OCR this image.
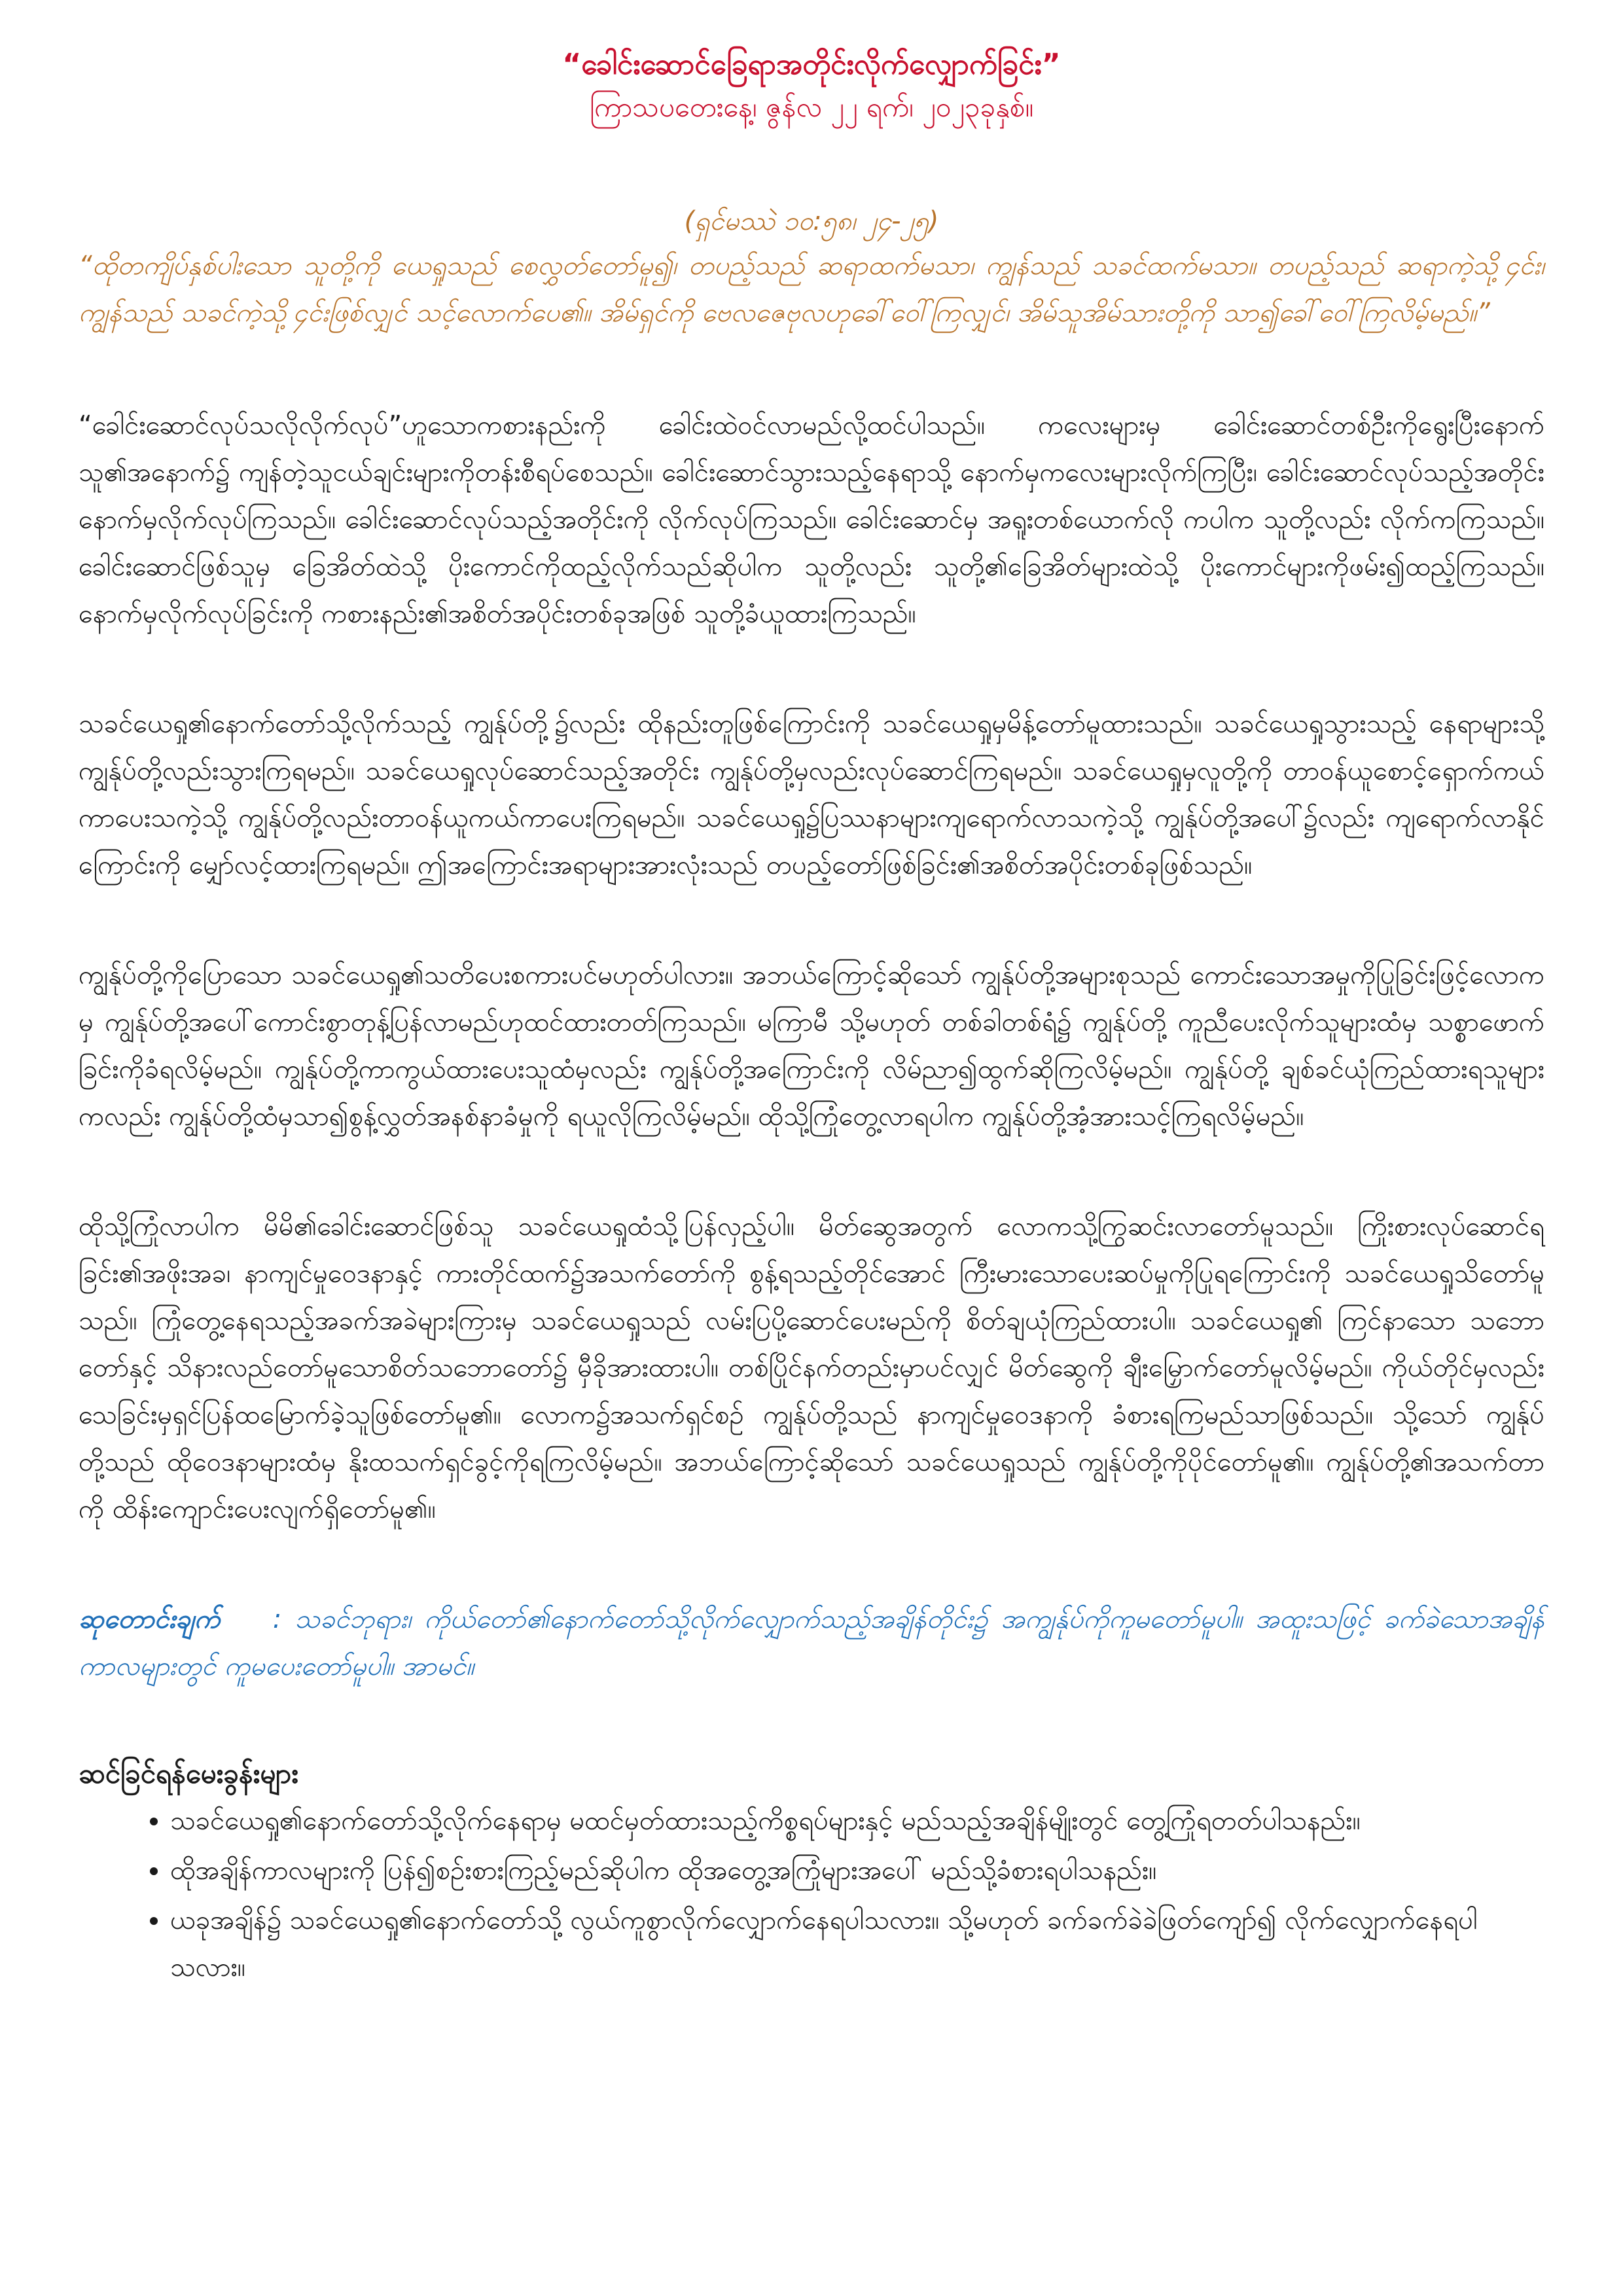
“ခေါင်းဆောင်ခြေရာအတိုင်းလိုက်လျှောက်ခြင်း”

ကြာသပတေးနေ့၊ ဇွန်လ ၂၂ ရက်၊ ၂၀၂၃ခုနှစ်။

(ရှင်မဿဲ ၁၀:၅၈၊ ၂၄-၂၅)

“ထိုတကျိပ်နှစ်ပါးသော သူတို့ကို ယေရှုသည် စေလွှတ်တော်မူ၍၊ တပည့်သည် ဆရာထက်မသာ၊ ကျွန်သည် သခင်ထက်မသာ။ တပည့်သည် ဆရာကဲ့သို့၄င်း၊ ကျွန်သည် သခင်ကဲ့သို့၄င်းဖြစ်လျှင် သင့်လောက်ပေ၏။ အိမ်ရှင်ကို ဗေလဇေဗုလဟုခေါ်ဝေါ်ကြလျှင်၊ အိမ်သူအိမ်သားတို့ကို သာ၍ခေါ်ဝေါ်ကြလိမ့်မည်။”

“ခေါင်းဆောင်လုပ်သလိုလိုက်လုပ်”ဟူသောကစားနည်းကို ခေါင်းထဲဝင်လာမည်လို့ထင်ပါသည်။ ကလေးများမှ ခေါင်းဆောင်တစ်ဦးကိုရွေးပြီးနောက် သူ၏အနောက်၌ ကျန်တဲ့သူငယ်ချင်းများကိုတန်းစီရပ်စေသည်။ ခေါင်းဆောင်သွားသည့်နေရာသို့ နောက်မှကလေးများလိုက်ကြပြီး၊ ခေါင်းဆောင်လုပ်သည့်အတိုင်း နောက်မှလိုက်လုပ်ကြသည်။ ခေါင်းဆောင်လုပ်သည့်အတိုင်းကို လိုက်လုပ်ကြသည်။ ခေါင်းဆောင်မှ အရူးတစ်ယောက်လို ကပါက သူတို့လည်း လိုက်ကကြသည်။ ခေါင်းဆောင်ဖြစ်သူမှ ခြေအိတ်ထဲသို့ ပိုးကောင်ကိုထည့်လိုက်သည်ဆိုပါက သူတို့လည်း သူတို့၏ခြေအိတ်များထဲသို့ ပိုးကောင်များကိုဖမ်း၍ထည့်ကြသည်။ နောက်မှလိုက်လုပ်ခြင်းကို ကစားနည်း၏အစိတ်အပိုင်းတစ်ခုအဖြစ် သူတို့ခံယူထားကြသည်။

သခင်ယေရှု၏နောက်တော်သို့လိုက်သည့် ကျွန်ုပ်တို့၌လည်း ထိုနည်းတူဖြစ်ကြောင်းကို သခင်ယေရှုမှမိန့်တော်မူထားသည်။ သခင်ယေရှုသွားသည့် နေရာများသို့ ကျွန်ုပ်တို့လည်းသွားကြရမည်။ သခင်ယေရှုလုပ်ဆောင်သည့်အတိုင်း ကျွန်ုပ်တို့မှလည်းလုပ်ဆောင်ကြရမည်။ သခင်ယေရှုမှလူတို့ကို တာဝန်ယူစောင့်ရှောက်ကယ်ကာပေးသကဲ့သို့ ကျွန်ုပ်တို့လည်းတာဝန်ယူကယ်ကာပေးကြရမည်။ သခင်ယေရှု၌ပြဿနာများကျရောက်လာသကဲ့သို့ ကျွန်ုပ်တို့အပေါ်၌လည်း ကျရောက်လာနိုင်ကြောင်းကို မျှော်လင့်ထားကြရမည်။ ဤအကြောင်းအရာများအားလုံးသည် တပည့်တော်ဖြစ်ခြင်း၏အစိတ်အပိုင်းတစ်ခုဖြစ်သည်။

ကျွန်ုပ်တို့ကိုပြောသော သခင်ယေရှု၏သတိပေးစကားပင်မဟုတ်ပါလား။ အဘယ်ကြောင့်ဆိုသော် ကျွန်ုပ်တို့အများစုသည် ကောင်းသောအမှုကိုပြုခြင်းဖြင့်လောကမှ ကျွန်ုပ်တို့အပေါ်ကောင်းစွာတုန့်ပြန်လာမည်ဟုထင်ထားတတ်ကြသည်။ မကြာမီ သို့မဟုတ် တစ်ခါတစ်ရံ၌ ကျွန်ုပ်တို့ ကူညီပေးလိုက်သူများထံမှ သစ္စာဖောက်ခြင်းကိုခံရလိမ့်မည်။ ကျွန်ုပ်တို့ကာကွယ်ထားပေးသူထံမှလည်း ကျွန်ုပ်တို့အကြောင်းကို လိမ်ညာ၍ထွက်ဆိုကြလိမ့်မည်။ ကျွန်ုပ်တို့ ချစ်ခင်ယုံကြည်ထားရသူများကလည်း ကျွန်ုပ်တို့ထံမှသာ၍စွန့်လွှတ်အနစ်နာခံမှုကို ရယူလိုကြလိမ့်မည်။ ထိုသို့ကြုံတွေ့လာရပါက ကျွန်ုပ်တို့အံ့အားသင့်ကြရလိမ့်မည်။

ထိုသို့ကြုံလာပါက မိမိ၏ခေါင်းဆောင်ဖြစ်သူ သခင်ယေရှုထံသို့ပြန်လှည့်ပါ။ မိတ်ဆွေအတွက် လောကသို့ကြွဆင်းလာတော်မူသည်။ ကြိုးစားလုပ်ဆောင်ရခြင်း၏အဖိုးအခ၊ နာကျင်မှုဝေဒနာနှင့် ကားတိုင်ထက်၌အသက်တော်ကို စွန့်ရသည့်တိုင်အောင် ကြီးမားသောပေးဆပ်မှုကိုပြုရကြောင်းကို သခင်ယေရှုသိတော်မူသည်။ ကြုံတွေ့နေရသည့်အခက်အခဲများကြားမှ သခင်ယေရှုသည် လမ်းပြပို့ဆောင်ပေးမည်ကို စိတ်ချယုံကြည်ထားပါ။ သခင်ယေရှု၏ ကြင်နာသော သဘောတော်နှင့် သိနားလည်တော်မူသောစိတ်သဘောတော်၌ မှီခိုအားထားပါ။ တစ်ပြိုင်နက်တည်းမှာပင်လျှင် မိတ်ဆွေကို ချီးမြှောက်တော်မူလိမ့်မည်။ ကိုယ်တိုင်မှလည်း သေခြင်းမှရှင်ပြန်ထမြောက်ခဲ့သူဖြစ်တော်မူ၏။ လောက၌အသက်ရှင်စဉ် ကျွန်ုပ်တို့သည် နာကျင်မှုဝေဒနာကို ခံစားရကြမည်သာဖြစ်သည်။ သို့သော် ကျွန်ုပ်တို့သည် ထိုဝေဒနာများထံမှ နိုးထသက်ရှင်ခွင့်ကိုရကြလိမ့်မည်။ အဘယ်ကြောင့်ဆိုသော် သခင်ယေရှုသည် ကျွန်ုပ်တို့ကိုပိုင်တော်မူ၏။ ကျွန်ုပ်တို့၏အသက်တာကို ထိန်းကျောင်းပေးလျက်ရှိတော်မူ၏။

ဆုတောင်းချက် : သခင်ဘုရား၊ ကိုယ်တော်၏နောက်တော်သို့လိုက်လျှောက်သည့်အချိန်တိုင်း၌ အကျွန်ုပ်ကိုကူမတော်မူပါ။ အထူးသဖြင့် ခက်ခဲသောအချိန်ကာလများတွင် ကူမပေးတော်မူပါ။ အာမင်။

ဆင်ခြင်ရန်မေးခွန်းများ
• သခင်ယေရှု၏နောက်တော်သို့လိုက်နေရာမှ မထင်မှတ်ထားသည့်ကိစ္စရပ်များနှင့် မည်သည့်အချိန်မျိုးတွင် တွေ့ကြုံရတတ်ပါသနည်း။
• ထိုအချိန်ကာလများကို ပြန်၍စဉ်းစားကြည့်မည်ဆိုပါက ထိုအတွေ့အကြုံများအပေါ် မည်သို့ခံစားရပါသနည်း။
• ယခုအချိန်၌ သခင်ယေရှု၏နောက်တော်သို့ လွယ်ကူစွာလိုက်လျှောက်နေရပါသလား။ သို့မဟုတ် ခက်ခက်ခဲခဲဖြတ်ကျော်၍ လိုက်လျှောက်နေရပါသလား။
